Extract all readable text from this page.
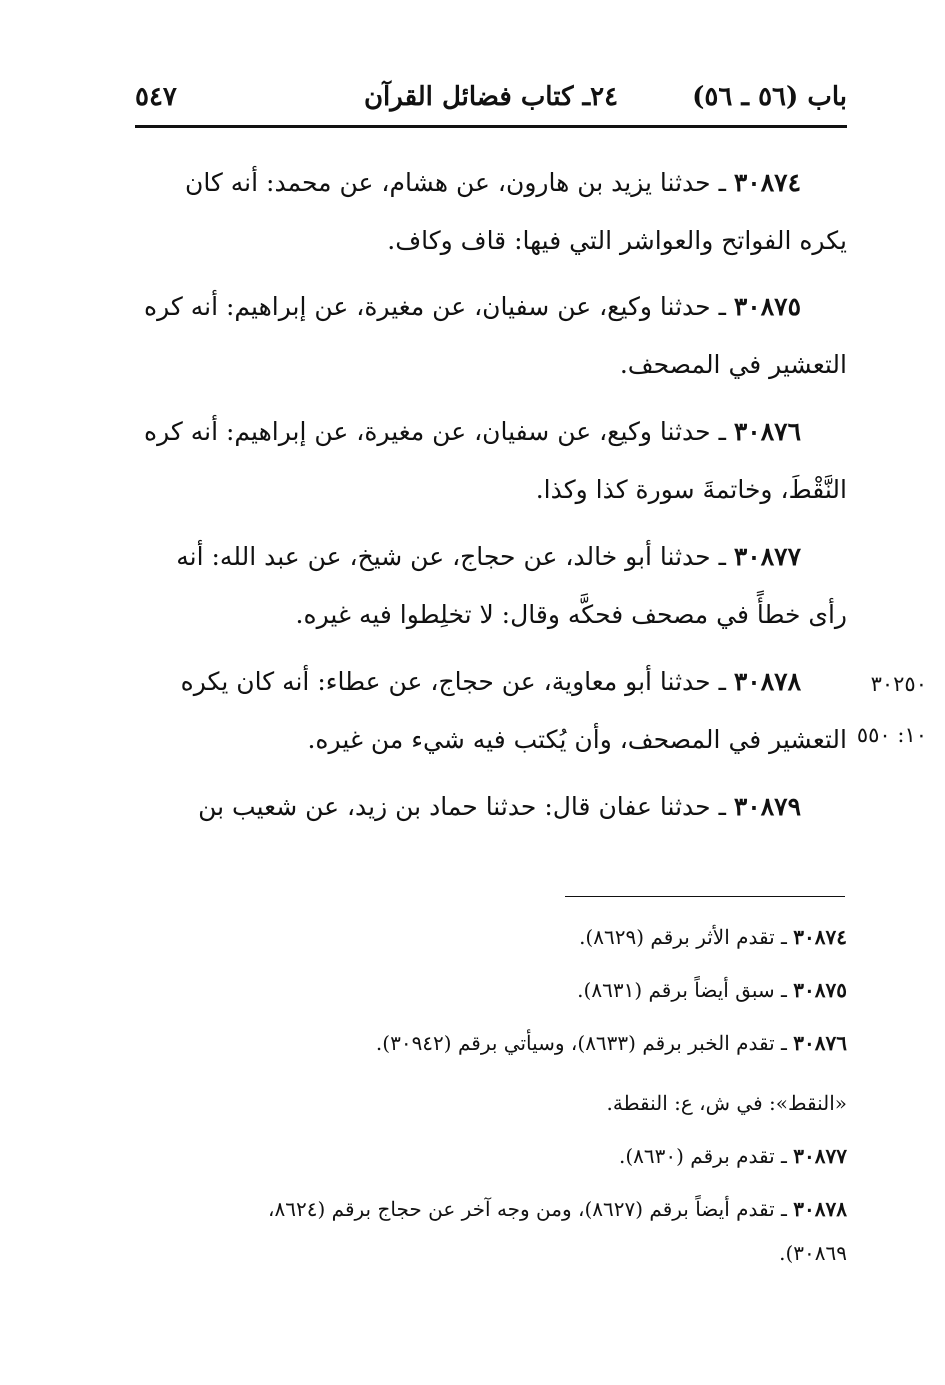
باب (٥٦ ـ ٥٦)
٢٤ـ كتاب فضائل القرآن
٥٤٧
٣٠٨٧٤ ـ حدثنا يزيد بن هارون، عن هشام، عن محمد: أنه كان
يكره الفواتح والعواشر التي فيها: قاف وكاف.
٣٠٨٧٥ ـ حدثنا وكيع، عن سفيان، عن مغيرة، عن إبراهيم: أنه كره
التعشير في المصحف.
٣٠٨٧٦ ـ حدثنا وكيع، عن سفيان، عن مغيرة، عن إبراهيم: أنه كره
النَّقْطَ، وخاتمةَ سورة كذا وكذا.
٣٠٨٧٧ ـ حدثنا أبو خالد، عن حجاج، عن شيخ، عن عبد الله: أنه
رأى خطأً في مصحف فحكَّه وقال: لا تخلِطوا فيه غيره.
٣٠٨٧٨ ـ حدثنا أبو معاوية، عن حجاج، عن عطاء: أنه كان يكره
التعشير في المصحف، وأن يُكتب فيه شيء من غيره.
٣٠٢٥٠
١٠: ٥٥٠
٣٠٨٧٩ ـ حدثنا عفان قال: حدثنا حماد بن زيد، عن شعيب بن
٣٠٨٧٤ ـ تقدم الأثر برقم (٨٦٢٩).
٣٠٨٧٥ ـ سبق أيضاً برقم (٨٦٣١).
٣٠٨٧٦ ـ تقدم الخبر برقم (٨٦٣٣)، وسيأتي برقم (٣٠٩٤٢).
«النقط»: في ش، ع: النقطة.
٣٠٨٧٧ ـ تقدم برقم (٨٦٣٠).
٣٠٨٧٨ ـ تقدم أيضاً برقم (٨٦٢٧)، ومن وجه آخر عن حجاج برقم (٨٦٢٤،
٣٠٨٦٩).
